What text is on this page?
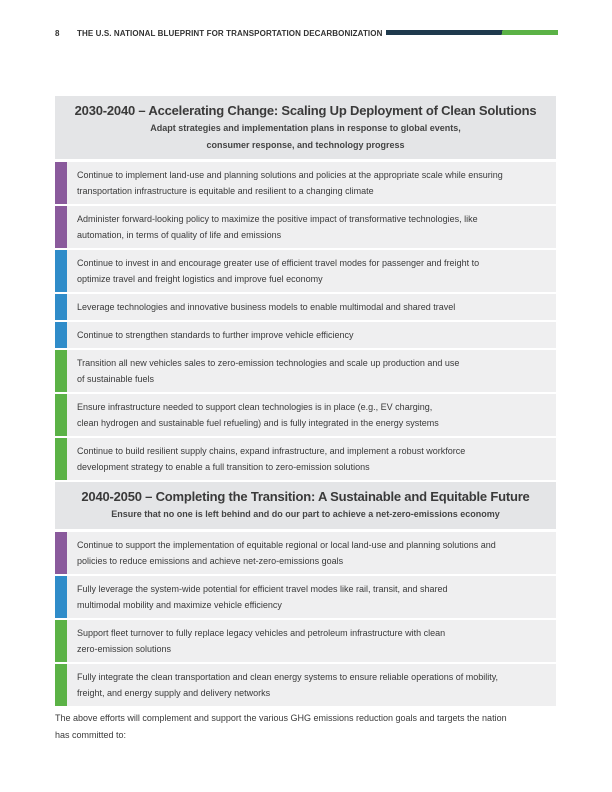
8	THE U.S. NATIONAL BLUEPRINT FOR TRANSPORTATION DECARBONIZATION
2030-2040 – Accelerating Change: Scaling Up Deployment of Clean Solutions
Adapt strategies and implementation plans in response to global events,
consumer response, and technology progress
Continue to implement land-use and planning solutions and policies at the appropriate scale while ensuring
transportation infrastructure is equitable and resilient to a changing climate
Administer forward-looking policy to maximize the positive impact of transformative technologies, like
automation, in terms of quality of life and emissions
Continue to invest in and encourage greater use of efficient travel modes for passenger and freight to
optimize travel and freight logistics and improve fuel economy
Leverage technologies and innovative business models to enable multimodal and shared travel
Continue to strengthen standards to further improve vehicle efficiency
Transition all new vehicles sales to zero-emission technologies and scale up production and use
of sustainable fuels
Ensure infrastructure needed to support clean technologies is in place (e.g., EV charging,
clean hydrogen and sustainable fuel refueling) and is fully integrated in the energy systems
Continue to build resilient supply chains, expand infrastructure, and implement a robust workforce
development strategy to enable a full transition to zero-emission solutions
2040-2050 – Completing the Transition: A Sustainable and Equitable Future
Ensure that no one is left behind and do our part to achieve a net-zero-emissions economy
Continue to support the implementation of equitable regional or local land-use and planning solutions and
policies to reduce emissions and achieve net-zero-emissions goals
Fully leverage the system-wide potential for efficient travel modes like rail, transit, and shared
multimodal mobility and maximize vehicle efficiency
Support fleet turnover to fully replace legacy vehicles and petroleum infrastructure with clean
zero-emission solutions
Fully integrate the clean transportation and clean energy systems to ensure reliable operations of mobility,
freight, and energy supply and delivery networks
The above efforts will complement and support the various GHG emissions reduction goals and targets the nation
has committed to:
